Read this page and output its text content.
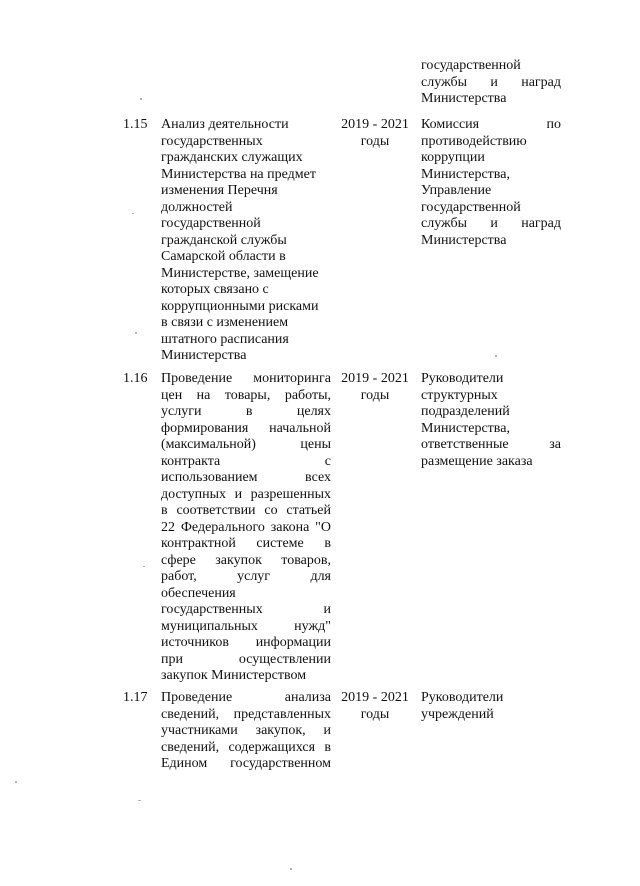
государственной
службы и наград
Министерства
1.15 Анализ деятельности
государственных
гражданских служащих
Министерства на предмет
изменения Перечня
должностей
государственной
гражданской службы
Самарской области в
Министерстве, замещение
которых связано с
коррупционными рисками
в связи с изменением
штатного расписания
Министерства
2019 - 2021
годы
Комиссия по
противодействию
коррупции
Министерства,
Управление
государственной
службы и наград
Министерства
1.16 Проведение мониторинга
цен на товары, работы,
услуги в целях
формирования начальной
(максимальной) цены
контракта с
использованием всех
доступных и разрешенных
в соответствии со статьей
22 Федерального закона "О
контрактной системе в
сфере закупок товаров,
работ, услуг для
обеспечения
государственных и
муниципальных нужд"
источников информации
при осуществлении
закупок Министерством
2019 - 2021
годы
Руководители
структурных
подразделений
Министерства,
ответственные за
размещение заказа
1.17 Проведение анализа
сведений, представленных
участниками закупок, и
сведений, содержащихся в
Едином государственном
2019 - 2021
годы
Руководители
учреждений
